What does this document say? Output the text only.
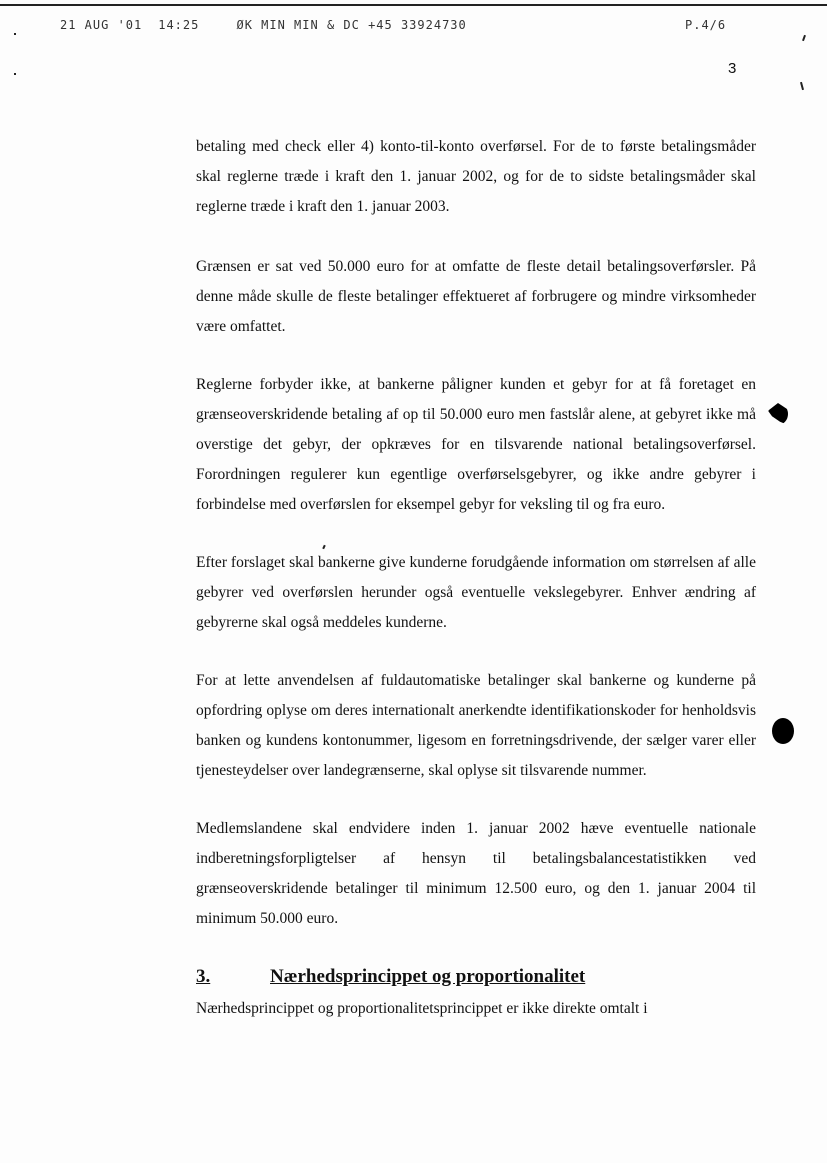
21 AUG '01 14:25	ØK MIN MIN & DC +45 33924730	P.4/6
3

betaling med check eller 4) konto-til-konto overførsel. For de to første betalingsmåder skal reglerne træde i kraft den 1. januar 2002, og for de to sidste betalingsmåder skal reglerne træde i kraft den 1. januar 2003.

Grænsen er sat ved 50.000 euro for at omfatte de fleste detail betalingsoverførsler. På denne måde skulle de fleste betalinger effektueret af forbrugere og mindre virksomheder være omfattet.

Reglerne forbyder ikke, at bankerne påligner kunden et gebyr for at få foretaget en grænseoverskridende betaling af op til 50.000 euro men fastslår alene, at gebyret ikke må overstige det gebyr, der opkræves for en tilsvarende national betalingsoverførsel. Forordningen regulerer kun egentlige overførselsgebyrer, og ikke andre gebyrer i forbindelse med overførslen for eksempel gebyr for veksling til og fra euro.

Efter forslaget skal bankerne give kunderne forudgående information om størrelsen af alle gebyrer ved overførslen herunder også eventuelle vekslegebyrer. Enhver ændring af gebyrerne skal også meddeles kunderne.

For at lette anvendelsen af fuldautomatiske betalinger skal bankerne og kunderne på opfordring oplyse om deres internationalt anerkendte identifikationskoder for henholdsvis banken og kundens kontonummer, ligesom en forretningsdrivende, der sælger varer eller tjenesteydelser over landegrænserne, skal oplyse sit tilsvarende nummer.

Medlemslandene skal endvidere inden 1. januar 2002 hæve eventuelle nationale indberetningsforpligtelser af hensyn til betalingsbalancestatistikken ved grænseoverskridende betalinger til minimum 12.500 euro, og den 1. januar 2004 til minimum 50.000 euro.

3.	Nærhedsprincippet og proportionalitet

Nærhedsprincippet og proportionalitetsprincippet er ikke direkte omtalt i
